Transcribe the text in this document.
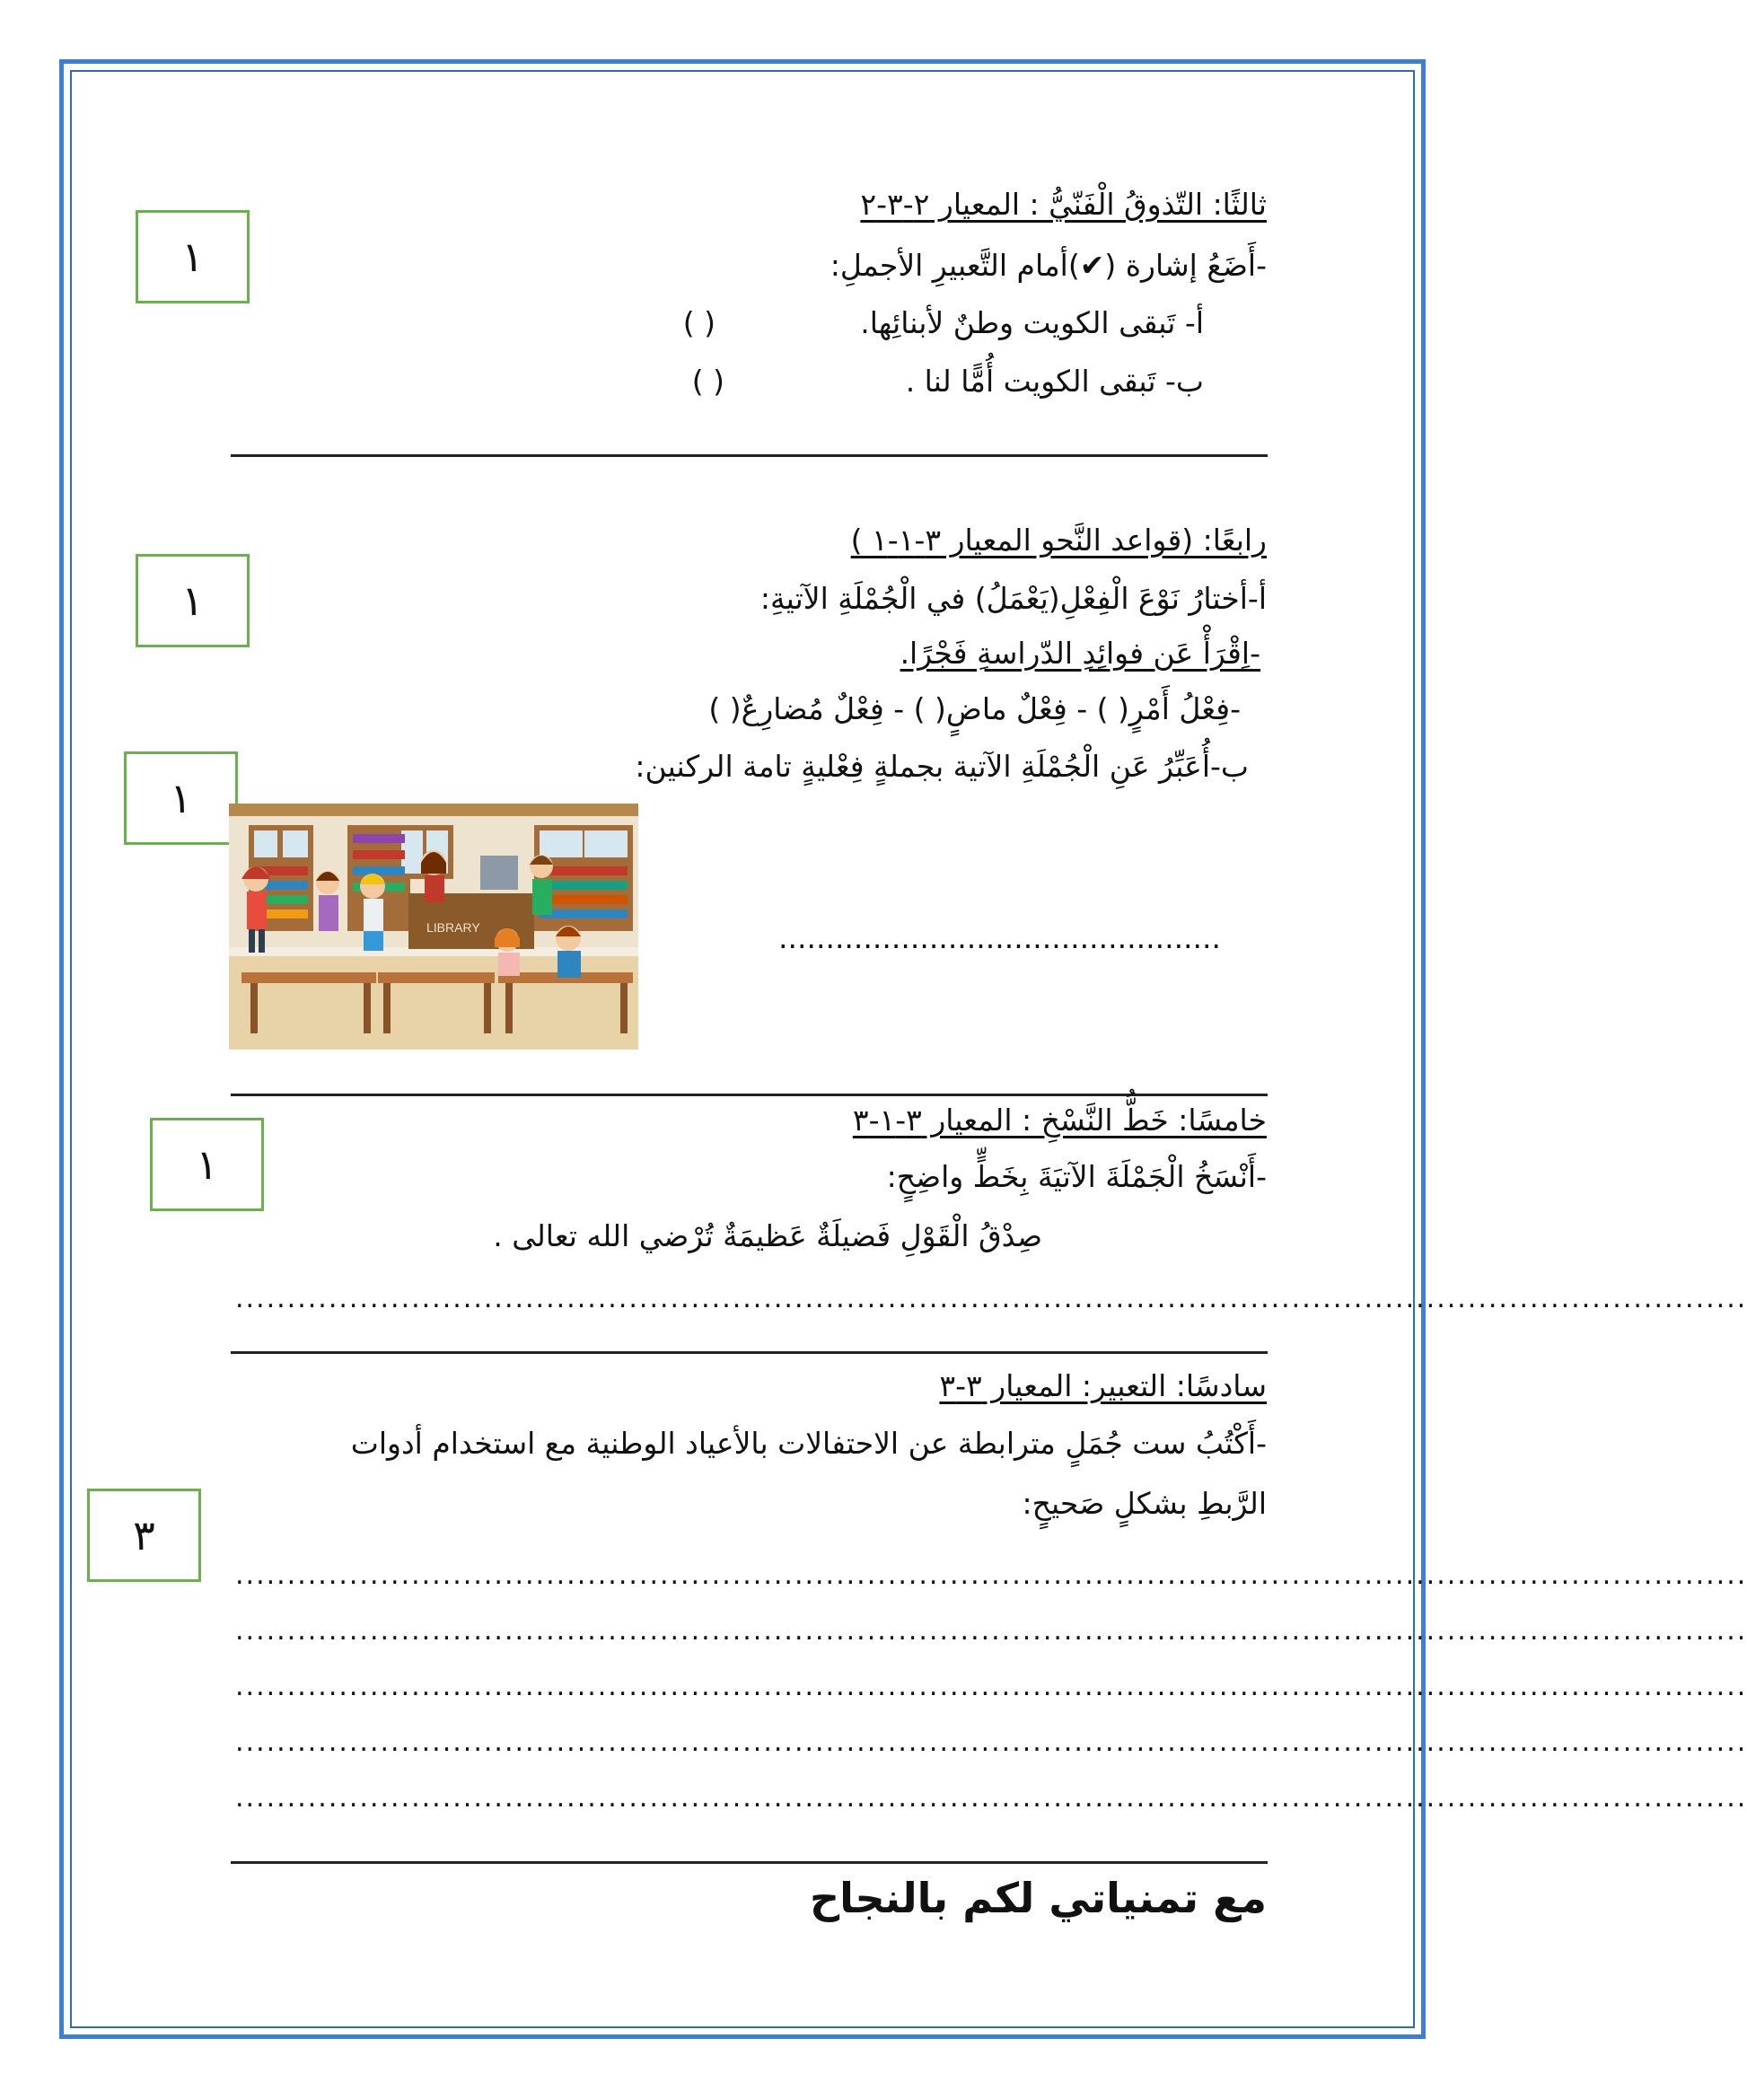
ثالثًا: التّذوقُ الْفَنّيُّ : المعيار ٢-٣-٢
-أَضَعُ إشارة (✔)أمام التَّعبيرِ الأجملِ:
أ- تَبقى الكويت وطنٌ لأبنائِها.
( )
ب- تَبقى الكويت أُمًّا لنا .
( )
١
رابعًا: (قواعد النَّحو المعيار ٣-١-١ )
أ-أختارُ نَوْعَ الْفِعْلِ(يَعْمَلُ) في الْجُمْلَةِ الآتيةِ:
-اِقْرَأْ عَن فوائِدِ الدّراسةِ فَجْرًا.
-فِعْلُ أَمْرٍ( ) - فِعْلٌ ماضٍ( ) - فِعْلٌ مُضارِعٌ( )
ب-أُعَبِّرُ عَنِ الْجُمْلَةِ الآتية بجملةٍ فِعْليةٍ تامة الركنين:
...............................................
١
١
LIBRARY
خامسًا: خَطُّ النَّسْخِ : المعيار ٣-١-٣
-أَنْسَخُ الْجَمْلَةَ الآتيَةَ بِخَطٍّ واضِحٍ:
صِدْقُ الْقَوْلِ فَضيلَةٌ عَظيمَةٌ تُرْضي الله تعالى .
..................................................................................................................................................
١
سادسًا: التعبير: المعيار ٣-٣
-أَكْتُبُ ست جُمَلٍ مترابطة عن الاحتفالات بالأعياد الوطنية مع استخدام أدوات
الرَّبطِ بشكلٍ صَحيحٍ:
..................................................................................................................................................
..................................................................................................................................................
..................................................................................................................................................
..................................................................................................................................................
..................................................................................................................................................
٣
مع تمنياتي لكم بالنجاح
